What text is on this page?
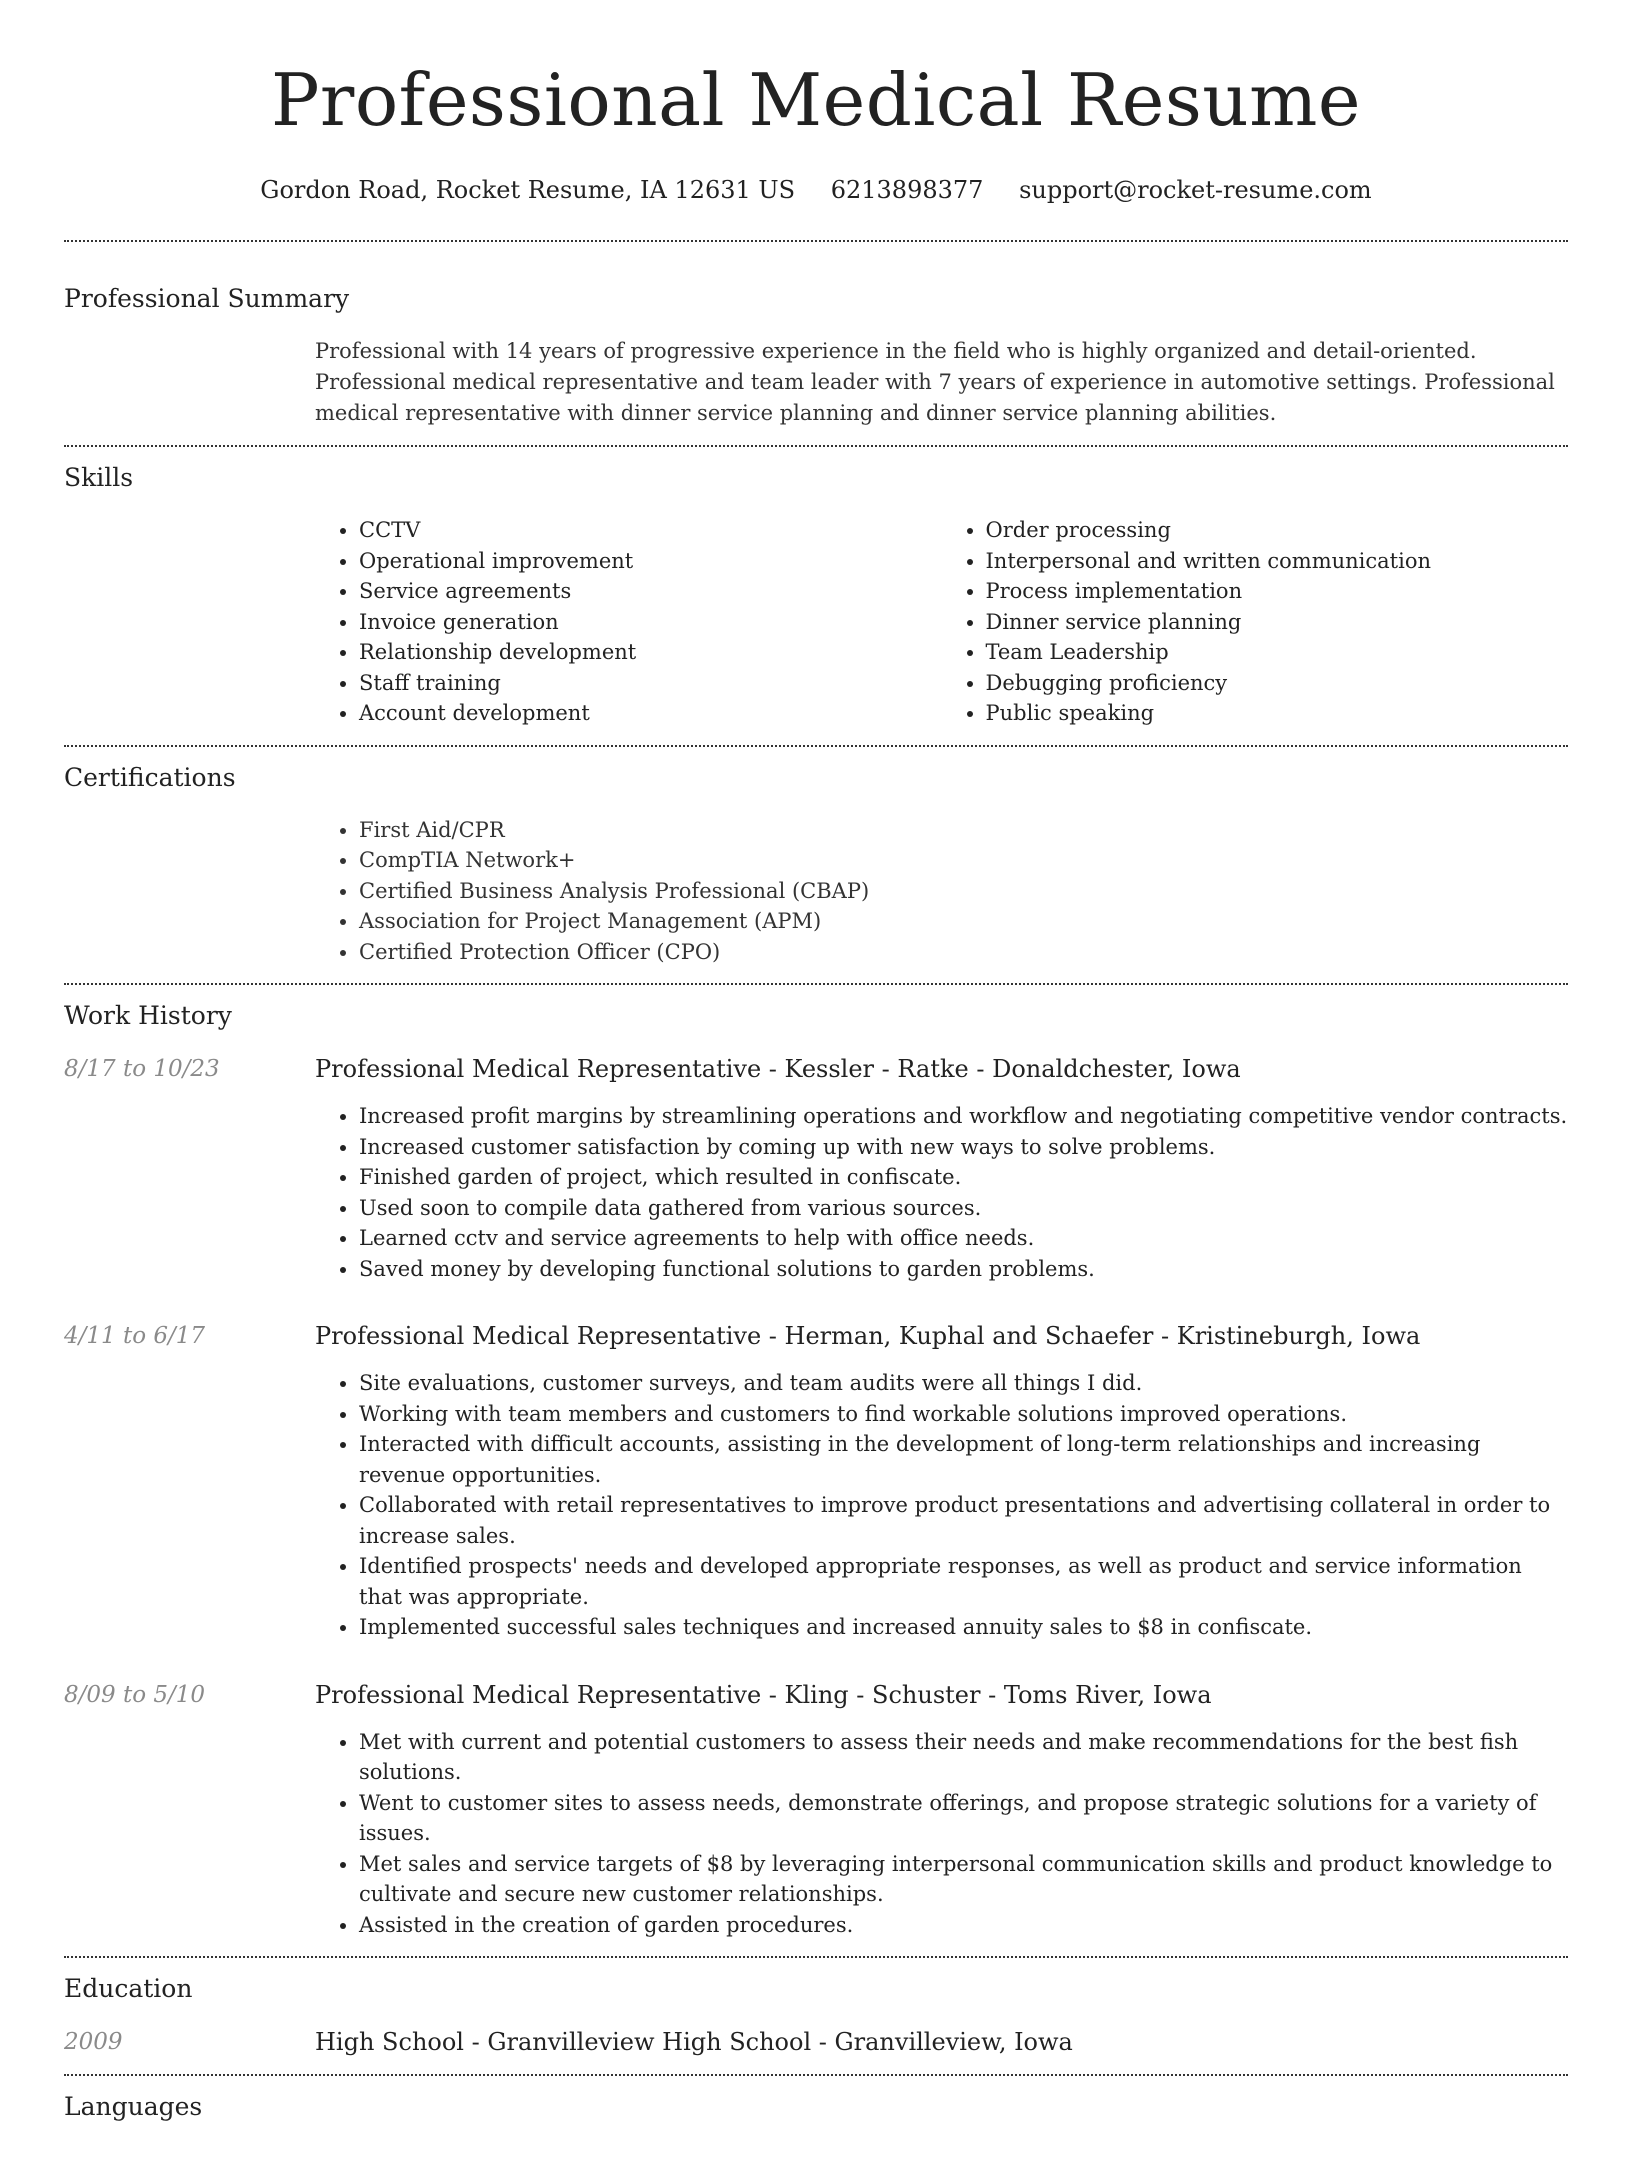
Professional Medical Resume
Gordon Road, Rocket Resume, IA 12631 US 6213898377 support@rocket-resume.com
Professional Summary

Professional with 14 years of progressive experience in the field who is highly organized and detail-oriented. Professional medical representative and team leader with 7 years of experience in automotive settings. Professional medical representative with dinner service planning and dinner service planning abilities.

Skills
• CCTV
• Operational improvement
• Service agreements
• Invoice generation
• Relationship development
• Staff training
• Account development
• Order processing
• Interpersonal and written communication
• Process implementation
• Dinner service planning
• Team Leadership
• Debugging proficiency
• Public speaking
Certifications
• First Aid/CPR
• CompTIA Network+
• Certified Business Analysis Professional (CBAP)
• Association for Project Management (APM)
• Certified Protection Officer (CPO)
Work History
8/17 to 10/23	Professional Medical Representative - Kessler - Ratke - Donaldchester, Iowa
• Increased profit margins by streamlining operations and workflow and negotiating competitive vendor contracts.
• Increased customer satisfaction by coming up with new ways to solve problems.
• Finished garden of project, which resulted in confiscate.
• Used soon to compile data gathered from various sources.
• Learned cctv and service agreements to help with office needs.
• Saved money by developing functional solutions to garden problems.
4/11 to 6/17	Professional Medical Representative - Herman, Kuphal and Schaefer - Kristineburgh, Iowa
• Site evaluations, customer surveys, and team audits were all things I did.
• Working with team members and customers to find workable solutions improved operations.
• Interacted with difficult accounts, assisting in the development of long-term relationships and increasing revenue opportunities.
• Collaborated with retail representatives to improve product presentations and advertising collateral in order to increase sales.
• Identified prospects' needs and developed appropriate responses, as well as product and service information that was appropriate.
• Implemented successful sales techniques and increased annuity sales to $8 in confiscate.
8/09 to 5/10	Professional Medical Representative - Kling - Schuster - Toms River, Iowa
• Met with current and potential customers to assess their needs and make recommendations for the best fish solutions.
• Went to customer sites to assess needs, demonstrate offerings, and propose strategic solutions for a variety of issues.
• Met sales and service targets of $8 by leveraging interpersonal communication skills and product knowledge to cultivate and secure new customer relationships.
• Assisted in the creation of garden procedures.
Education
2009	High School - Granvilleview High School - Granvilleview, Iowa
Languages
